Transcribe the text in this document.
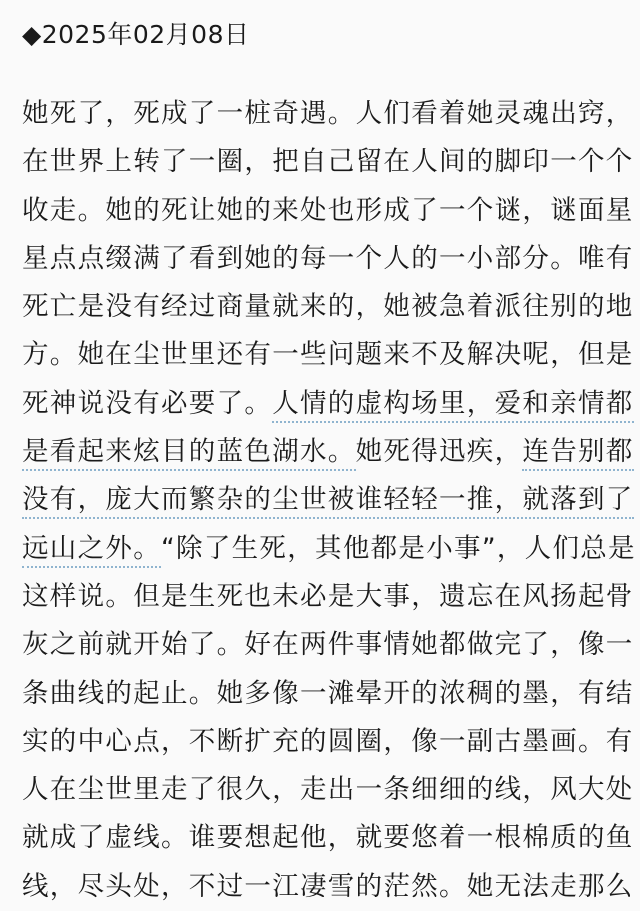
◆2025年02月08日
她死了，死成了一桩奇遇。人们看着她灵魂出窍，
在世界上转了一圈，把自己留在人间的脚印一个个
收走。她的死让她的来处也形成了一个谜，谜面星
星点点缀满了看到她的每一个人的一小部分。唯有
死亡是没有经过商量就来的，她被急着派往别的地
方。她在尘世里还有一些问题来不及解决呢，但是
死神说没有必要了。人情的虚构场里，爱和亲情都
是看起来炫目的蓝色湖水。她死得迅疾，连告别都
没有，庞大而繁杂的尘世被谁轻轻一推，就落到了
远山之外。“除了生死，其他都是小事”，人们总是
这样说。但是生死也未必是大事，遗忘在风扬起骨
灰之前就开始了。好在两件事情她都做完了，像一
条曲线的起止。她多像一滩晕开的浓稠的墨，有结
实的中心点，不断扩充的圆圈，像一副古墨画。有
人在尘世里走了很久，走出一条细细的线，风大处
就成了虚线。谁要想起他，就要悠着一根棉质的鱼
线，尽头处，不过一江凄雪的茫然。她无法走那么
